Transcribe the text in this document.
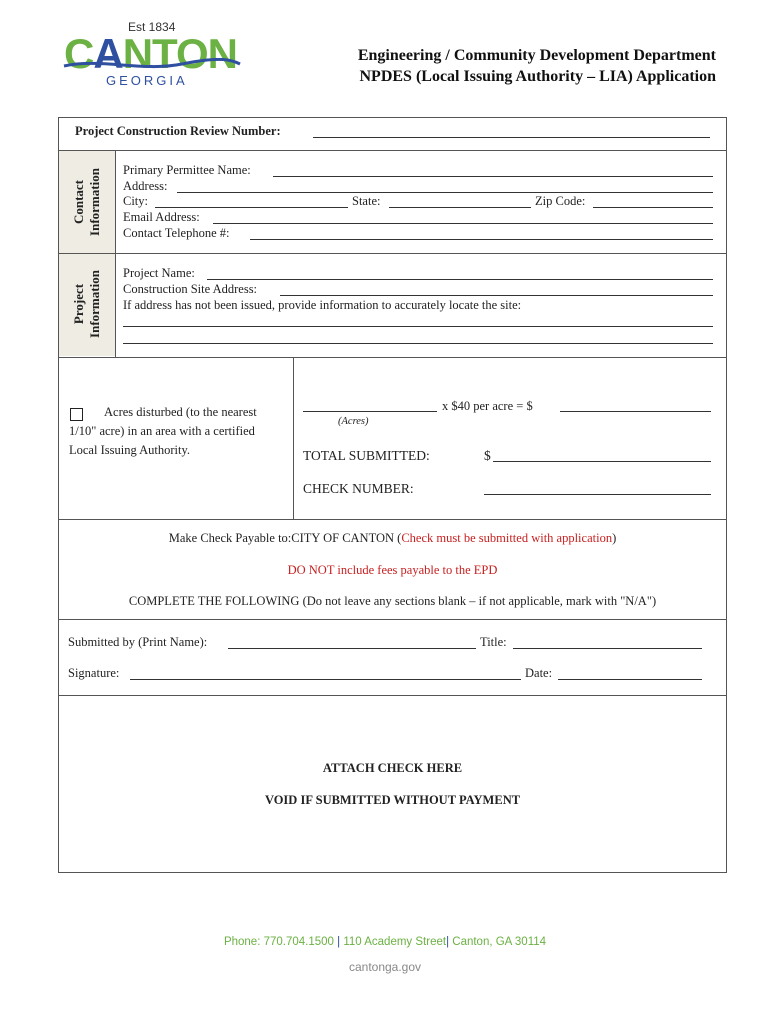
Est 1834
CANTON
GEORGIA
Engineering / Community Development Department
NPDES (Local Issuing Authority – LIA) Application
Project Construction Review Number:
Contact Information Primary Permittee Name:
Address:
City:	State:	Zip Code:
Email Address:
Contact Telephone #:
Project Information Project Name:
Construction Site Address:
If address has not been issued, provide information to accurately locate the site:
Acres disturbed (to the nearest
1/10" acre) in an area with a certified
Local Issuing Authority.
x $40 per acre = $
(Acres)
TOTAL SUBMITTED:	$
CHECK NUMBER:
Make Check Payable to:CITY OF CANTON (Check must be submitted with application)
DO NOT include fees payable to the EPD
COMPLETE THE FOLLOWING (Do not leave any sections blank – if not applicable, mark with "N/A")
Submitted by (Print Name):	Title:
Signature:	Date:
ATTACH CHECK HERE
VOID IF SUBMITTED WITHOUT PAYMENT
Phone: 770.704.1500 | 110 Academy Street| Canton, GA 30114
cantonga.gov
